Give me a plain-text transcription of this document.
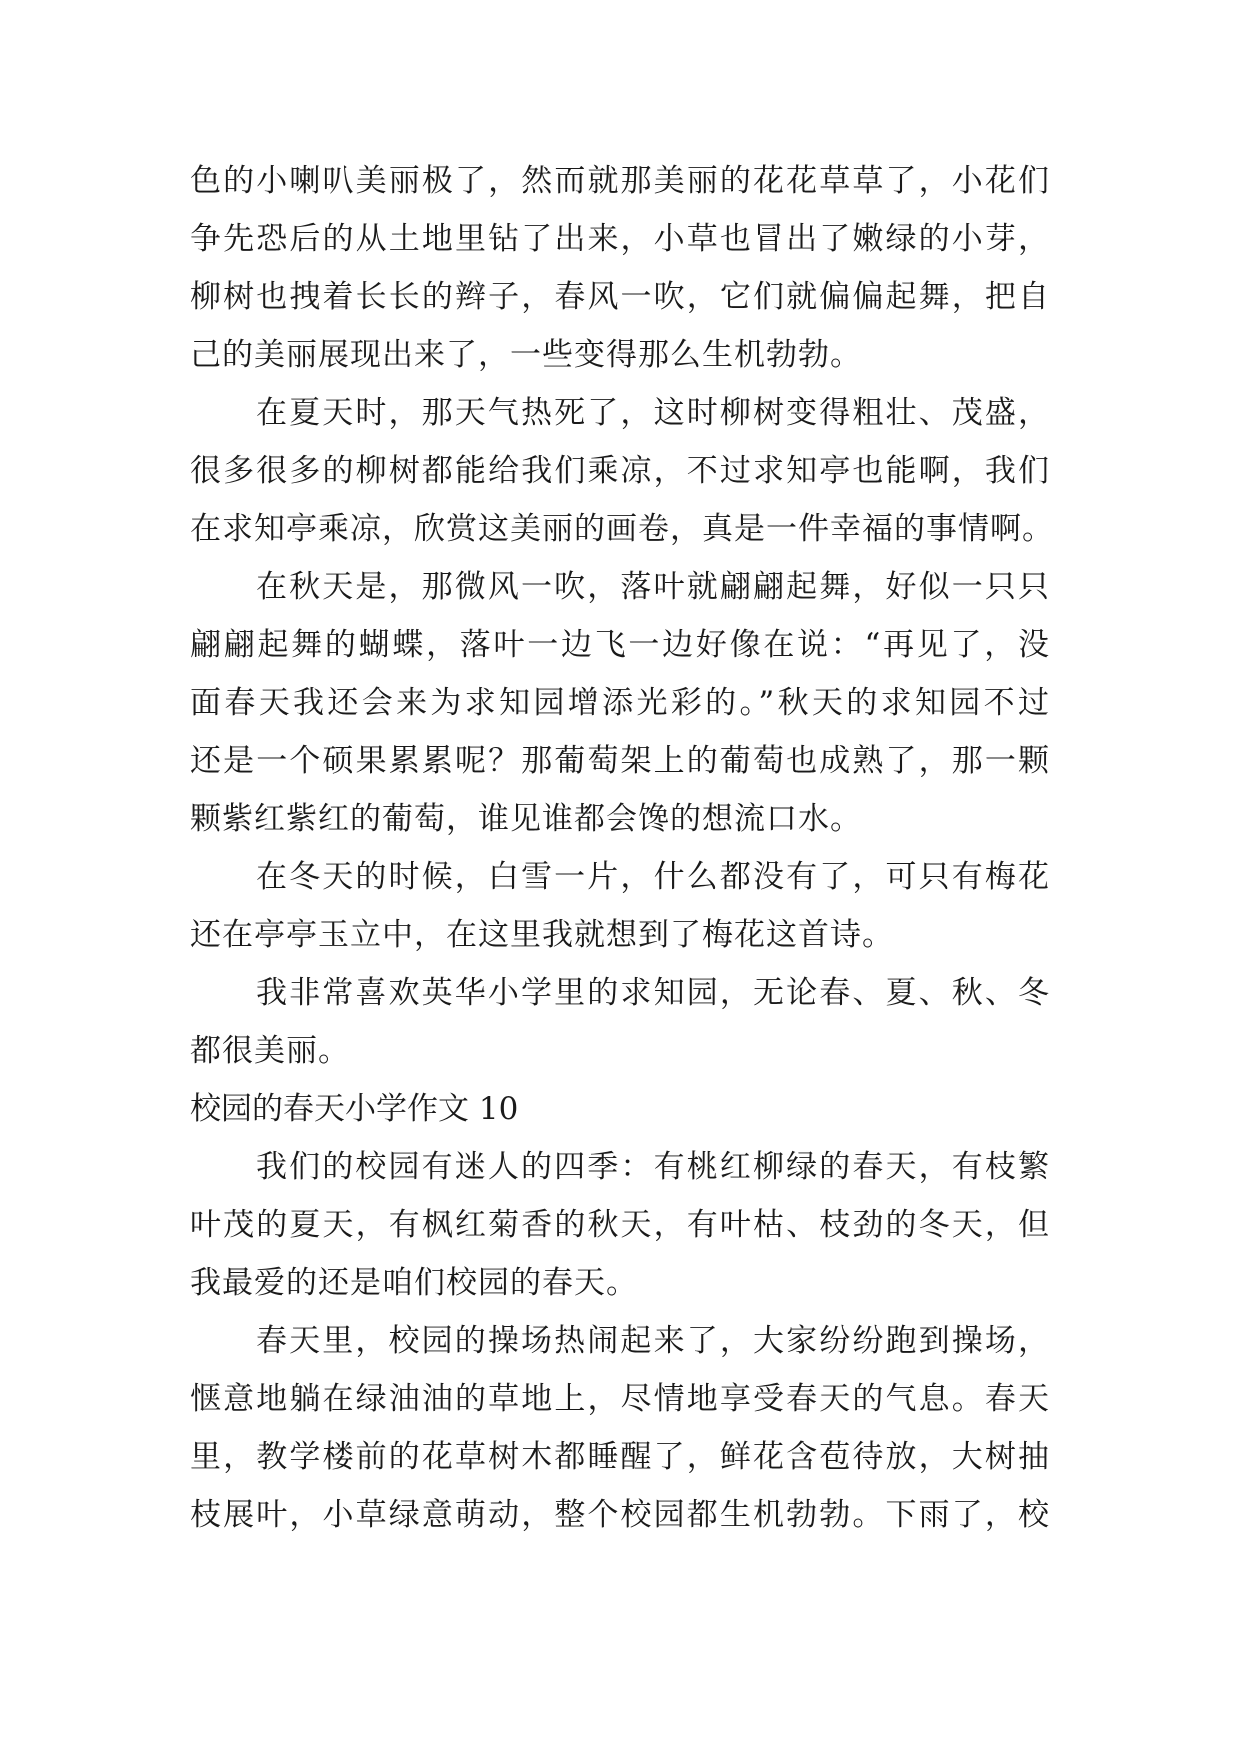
色的小喇叭美丽极了，然而就那美丽的花花草草了，小花们
争先恐后的从土地里钻了出来，小草也冒出了嫩绿的小芽，
柳树也拽着长长的辫子，春风一吹，它们就偏偏起舞，把自
己的美丽展现出来了，一些变得那么生机勃勃。
在夏天时，那天气热死了，这时柳树变得粗壮、茂盛，
很多很多的柳树都能给我们乘凉，不过求知亭也能啊，我们
在求知亭乘凉，欣赏这美丽的画卷，真是一件幸福的事情啊。
在秋天是，那微风一吹，落叶就翩翩起舞，好似一只只
翩翩起舞的蝴蝶，落叶一边飞一边好像在说：“再见了，没
面春天我还会来为求知园增添光彩的。”秋天的求知园不过
还是一个硕果累累呢？那葡萄架上的葡萄也成熟了，那一颗
颗紫红紫红的葡萄，谁见谁都会馋的想流口水。
在冬天的时候，白雪一片，什么都没有了，可只有梅花
还在亭亭玉立中，在这里我就想到了梅花这首诗。
我非常喜欢英华小学里的求知园，无论春、夏、秋、冬
都很美丽。
校园的春天小学作文 10
我们的校园有迷人的四季：有桃红柳绿的春天，有枝繁
叶茂的夏天，有枫红菊香的秋天，有叶枯、枝劲的冬天，但
我最爱的还是咱们校园的春天。
春天里，校园的操场热闹起来了，大家纷纷跑到操场，
惬意地躺在绿油油的草地上，尽情地享受春天的气息。春天
里，教学楼前的花草树木都睡醒了，鲜花含苞待放，大树抽
枝展叶，小草绿意萌动，整个校园都生机勃勃。下雨了，校
